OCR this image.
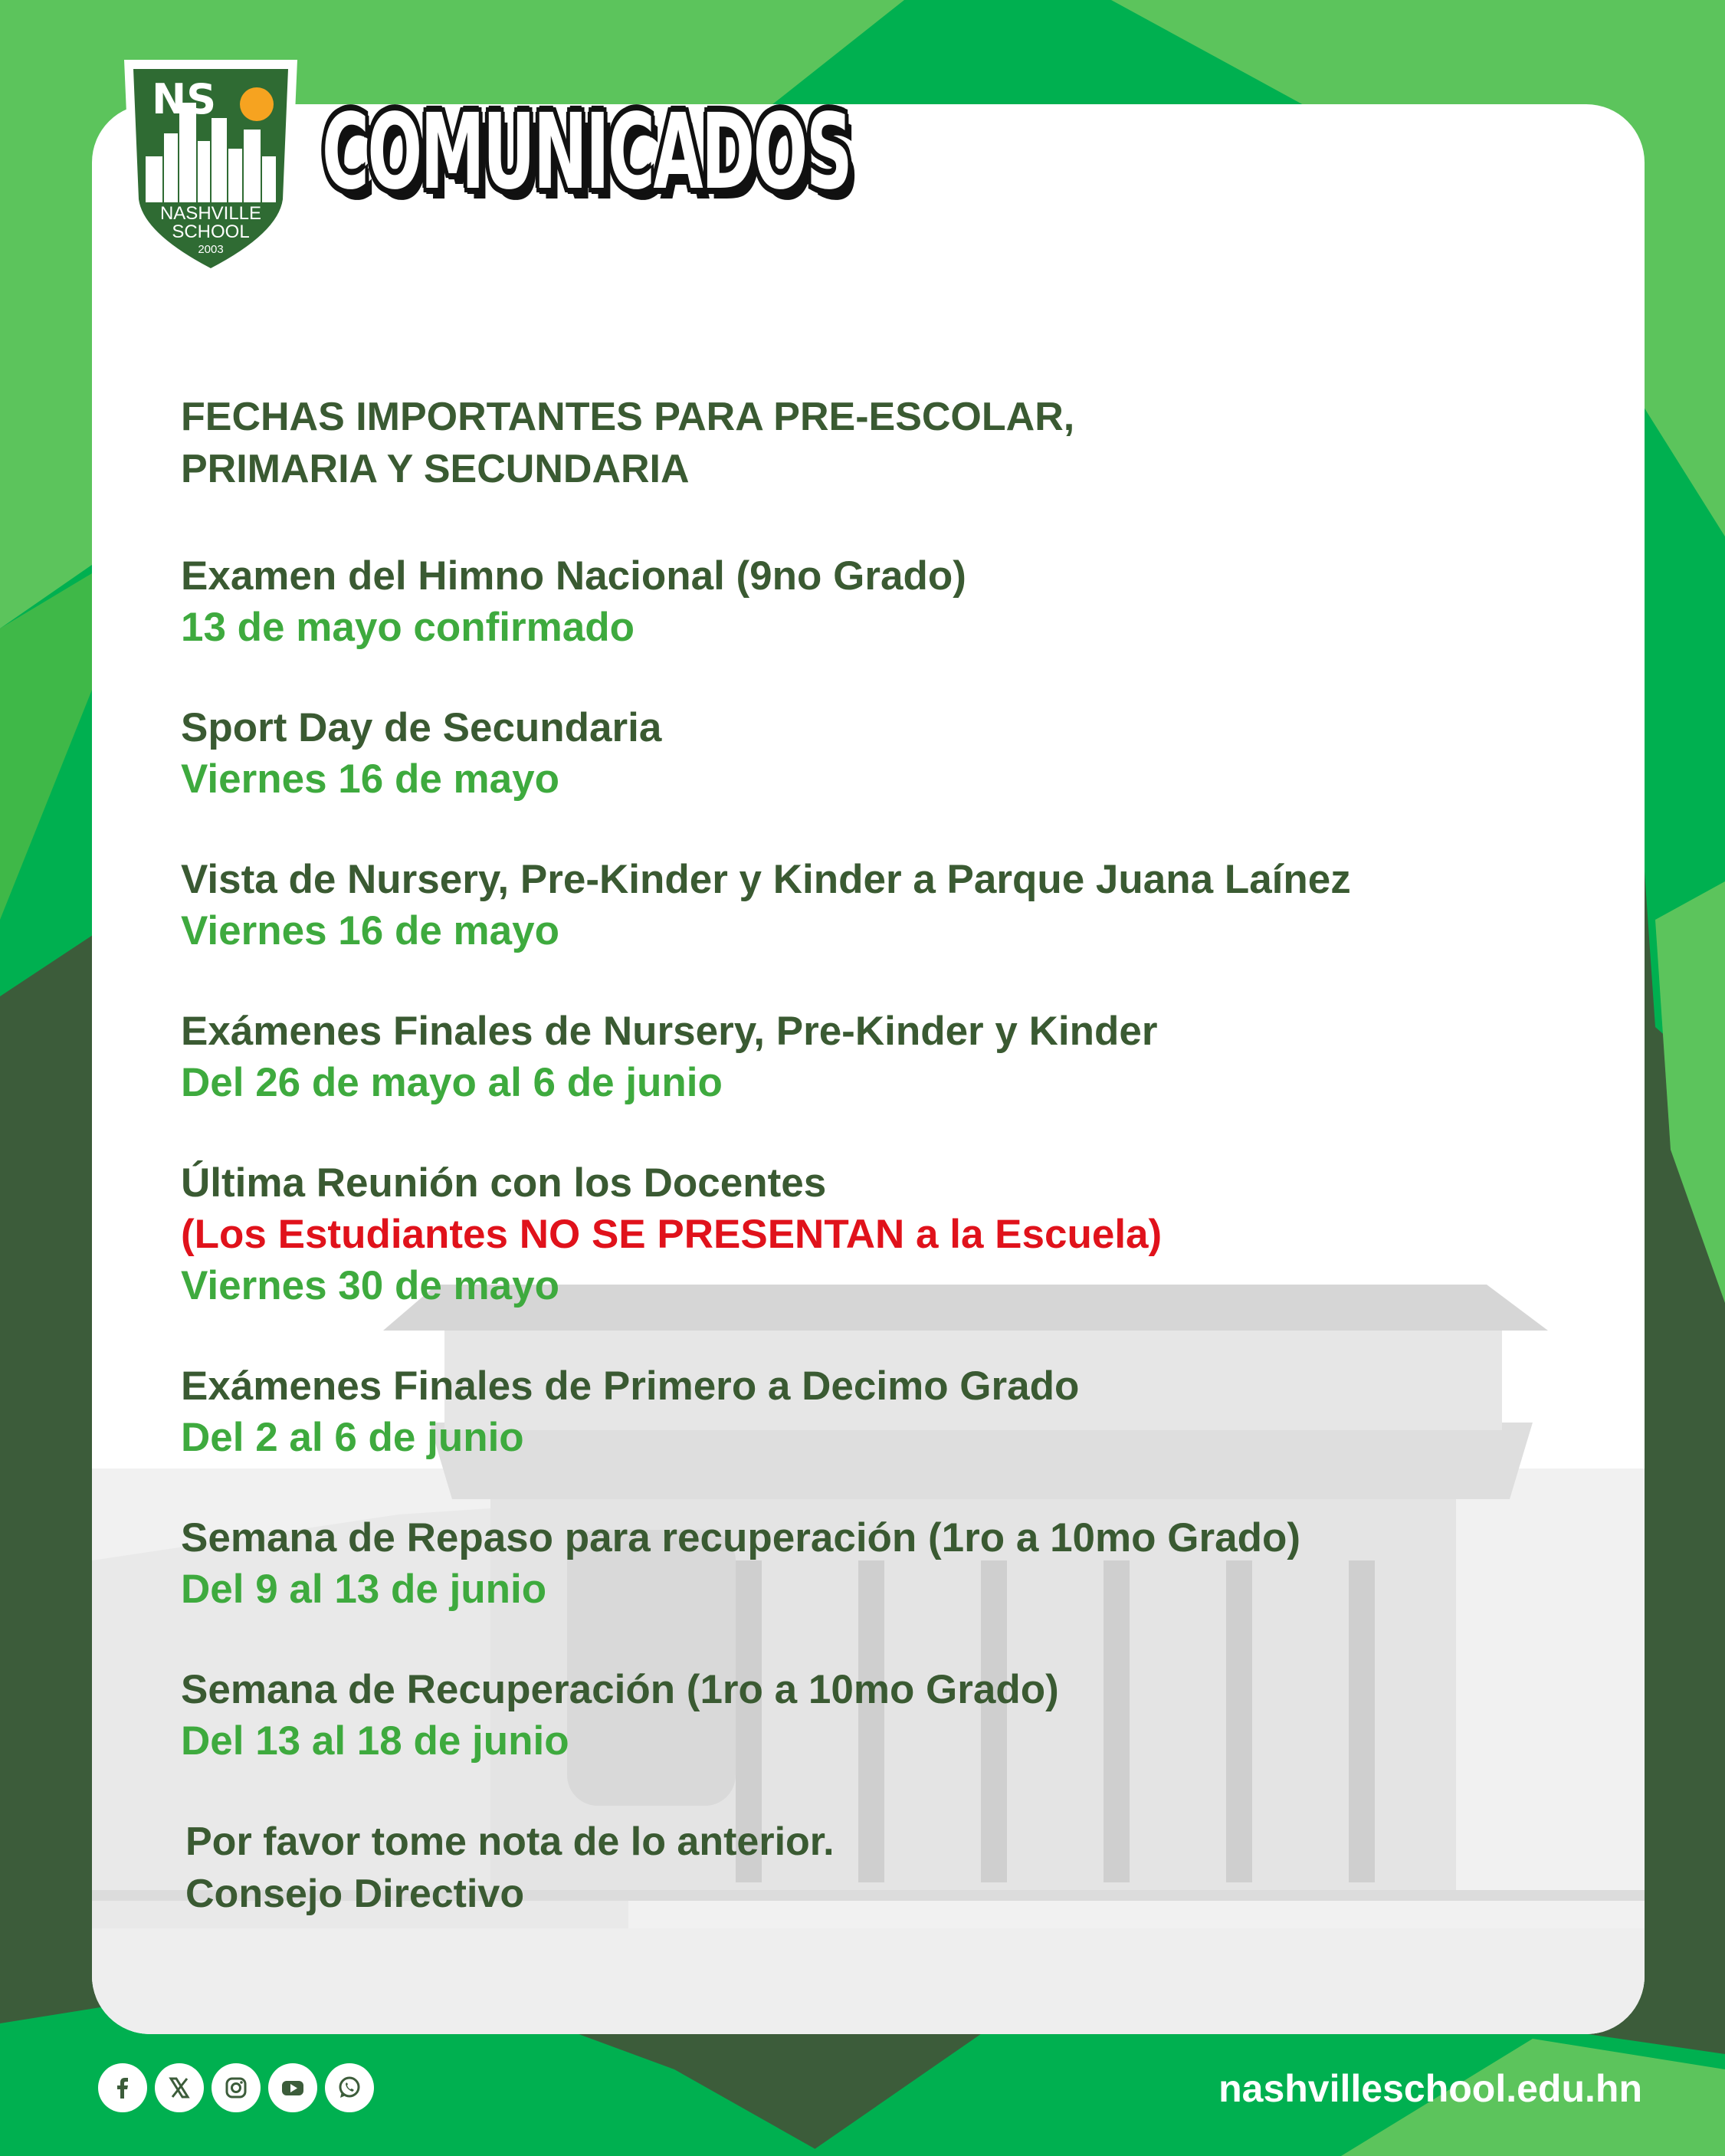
NS
NASHVILLE
SCHOOL
2003
COMUNICADOS
FECHAS IMPORTANTES PARA PRE-ESCOLAR,
PRIMARIA Y SECUNDARIA
Examen del Himno Nacional (9no Grado)
13 de mayo confirmado
Sport Day de Secundaria
Viernes 16 de mayo
Vista de Nursery, Pre-Kinder y Kinder a Parque Juana Laínez
Viernes 16 de mayo
Exámenes Finales de Nursery, Pre-Kinder y Kinder
Del 26 de mayo al 6 de junio
Última Reunión con los Docentes
(Los Estudiantes NO SE PRESENTAN a la Escuela)
Viernes 30 de mayo
Exámenes Finales de Primero a Decimo Grado
Del 2 al 6 de junio
Semana de Repaso para recuperación (1ro a 10mo Grado)
Del 9 al 13 de junio
Semana de Recuperación (1ro a 10mo Grado)
Del 13 al 18 de junio
Por favor tome nota de lo anterior.
Consejo Directivo
nashvilleschool.edu.hn
